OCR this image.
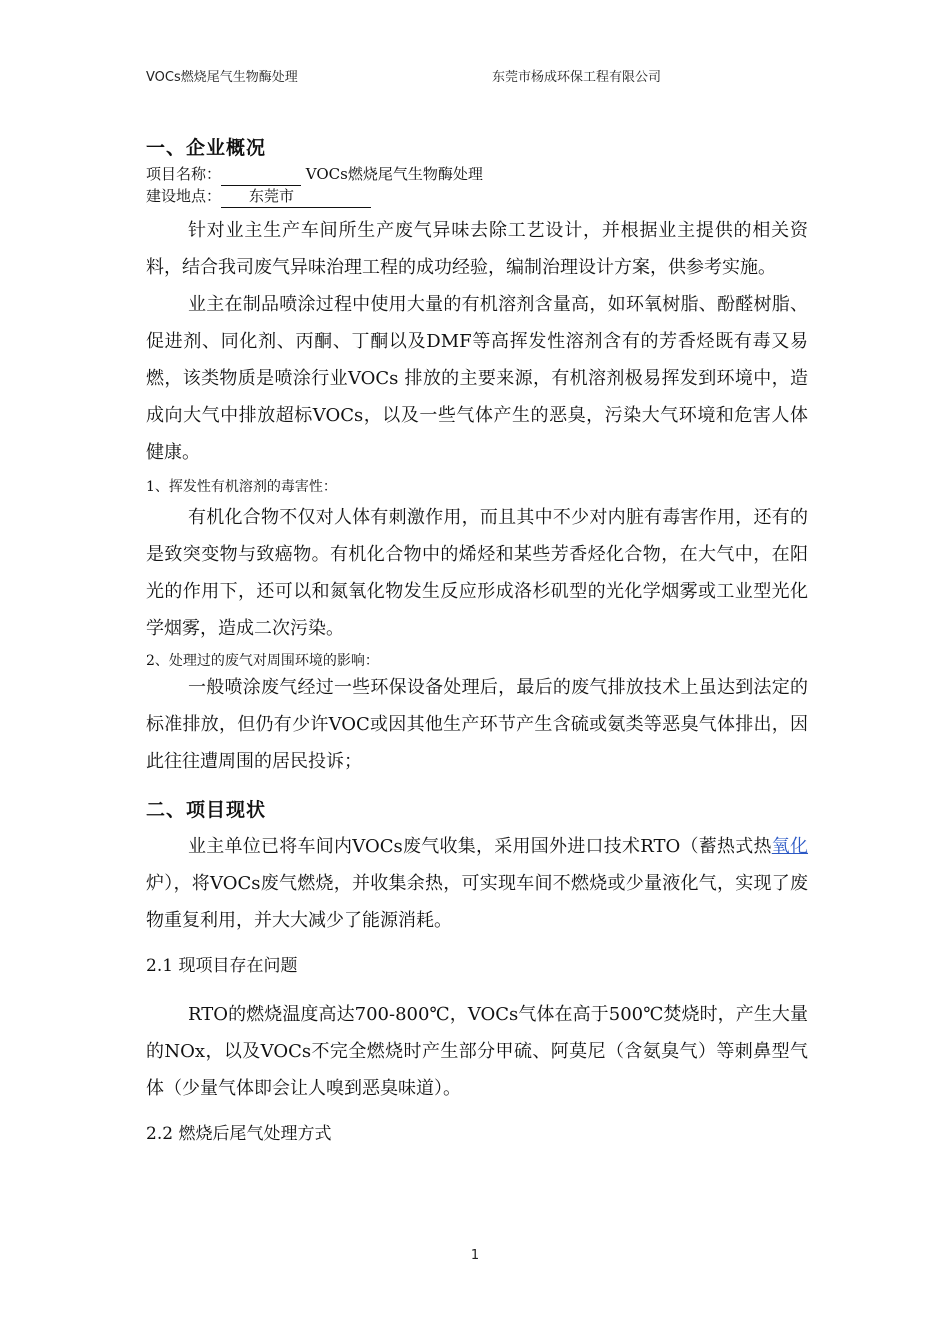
VOCs燃烧尾气生物酶处理	东莞市杨成环保工程有限公司
一、企业概况
项目名称：	VOCs燃烧尾气生物酶处理
建设地点： 东莞市

针对业主生产车间所生产废气异味去除工艺设计，并根据业主提供的相关资料，结合我司废气异味治理工程的成功经验，编制治理设计方案，供参考实施。

业主在制品喷涂过程中使用大量的有机溶剂含量高，如环氧树脂、酚醛树脂、促进剂、同化剂、丙酮、丁酮以及DMF等高挥发性溶剂含有的芳香烃既有毒又易燃，该类物质是喷涂行业VOCs 排放的主要来源，有机溶剂极易挥发到环境中，造成向大气中排放超标VOCs，以及一些气体产生的恶臭，污染大气环境和危害人体健康。

1、挥发性有机溶剂的毒害性：

有机化合物不仅对人体有刺激作用，而且其中不少对内脏有毒害作用，还有的是致突变物与致癌物。有机化合物中的烯烃和某些芳香烃化合物，在大气中，在阳光的作用下，还可以和氮氧化物发生反应形成洛杉矶型的光化学烟雾或工业型光化学烟雾，造成二次污染。

2、处理过的废气对周围环境的影响：

一般喷涂废气经过一些环保设备处理后，最后的废气排放技术上虽达到法定的标准排放，但仍有少许VOC或因其他生产环节产生含硫或氨类等恶臭气体排出，因此往往遭周围的居民投诉；

二、项目现状

业主单位已将车间内VOCs废气收集，采用国外进口技术RTO（蓄热式热氧化炉），将VOCs废气燃烧，并收集余热，可实现车间不燃烧或少量液化气，实现了废物重复利用，并大大减少了能源消耗。

2.1 现项目存在问题

RTO的燃烧温度高达700-800℃，VOCs气体在高于500℃焚烧时，产生大量的NOx，以及VOCs不完全燃烧时产生部分甲硫、阿莫尼（含氨臭气）等刺鼻型气体（少量气体即会让人嗅到恶臭味道）。

2.2 燃烧后尾气处理方式

1
